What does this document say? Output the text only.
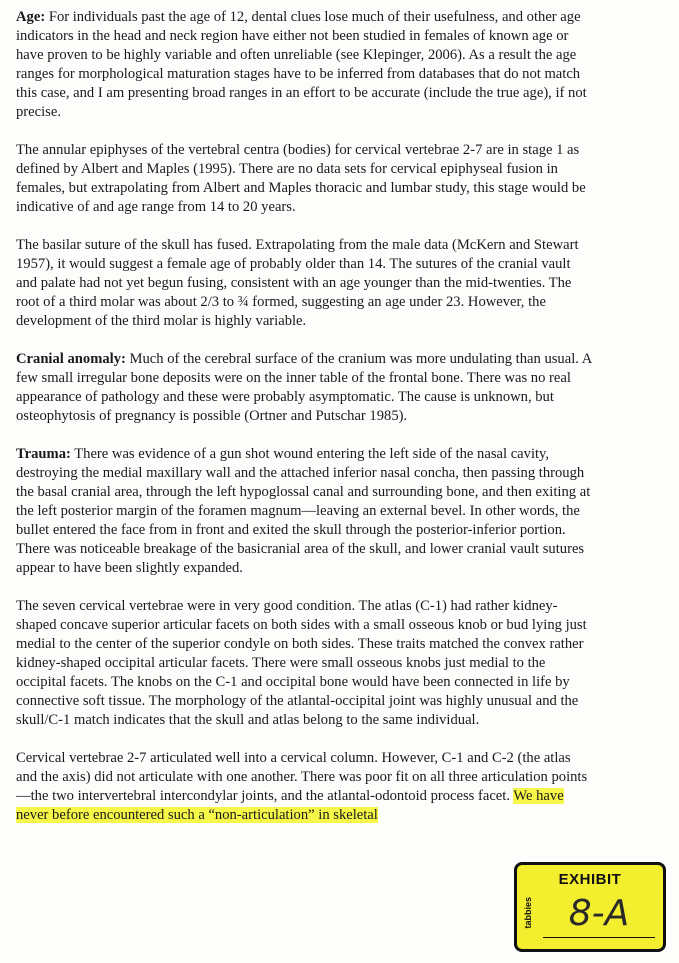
Age: For individuals past the age of 12, dental clues lose much of their usefulness, and other age indicators in the head and neck region have either not been studied in females of known age or have proven to be highly variable and often unreliable (see Klepinger, 2006). As a result the age ranges for morphological maturation stages have to be inferred from databases that do not match this case, and I am presenting broad ranges in an effort to be accurate (include the true age), if not precise.

The annular epiphyses of the vertebral centra (bodies) for cervical vertebrae 2-7 are in stage 1 as defined by Albert and Maples (1995). There are no data sets for cervical epiphyseal fusion in females, but extrapolating from Albert and Maples thoracic and lumbar study, this stage would be indicative of and age range from 14 to 20 years.

The basilar suture of the skull has fused. Extrapolating from the male data (McKern and Stewart 1957), it would suggest a female age of probably older than 14. The sutures of the cranial vault and palate had not yet begun fusing, consistent with an age younger than the mid-twenties. The root of a third molar was about 2/3 to ¾ formed, suggesting an age under 23. However, the development of the third molar is highly variable.

Cranial anomaly: Much of the cerebral surface of the cranium was more undulating than usual. A few small irregular bone deposits were on the inner table of the frontal bone. There was no real appearance of pathology and these were probably asymptomatic. The cause is unknown, but osteophytosis of pregnancy is possible (Ortner and Putschar 1985).

Trauma: There was evidence of a gun shot wound entering the left side of the nasal cavity, destroying the medial maxillary wall and the attached inferior nasal concha, then passing through the basal cranial area, through the left hypoglossal canal and surrounding bone, and then exiting at the left posterior margin of the foramen magnum—leaving an external bevel. In other words, the bullet entered the face from in front and exited the skull through the posterior-inferior portion. There was noticeable breakage of the basicranial area of the skull, and lower cranial vault sutures appear to have been slightly expanded.

The seven cervical vertebrae were in very good condition. The atlas (C-1) had rather kidney-shaped concave superior articular facets on both sides with a small osseous knob or bud lying just medial to the center of the superior condyle on both sides. These traits matched the convex rather kidney-shaped occipital articular facets. There were small osseous knobs just medial to the occipital facets. The knobs on the C-1 and occipital bone would have been connected in life by connective soft tissue. The morphology of the atlantal-occipital joint was highly unusual and the skull/C-1 match indicates that the skull and atlas belong to the same individual.

Cervical vertebrae 2-7 articulated well into a cervical column. However, C-1 and C-2 (the atlas and the axis) did not articulate with one another. There was poor fit on all three articulation points—the two intervertebral intercondylar joints, and the atlantal-odontoid process facet. We have never before encountered such a “non-articulation” in skeletal

EXHIBIT
tabbies 8-A
